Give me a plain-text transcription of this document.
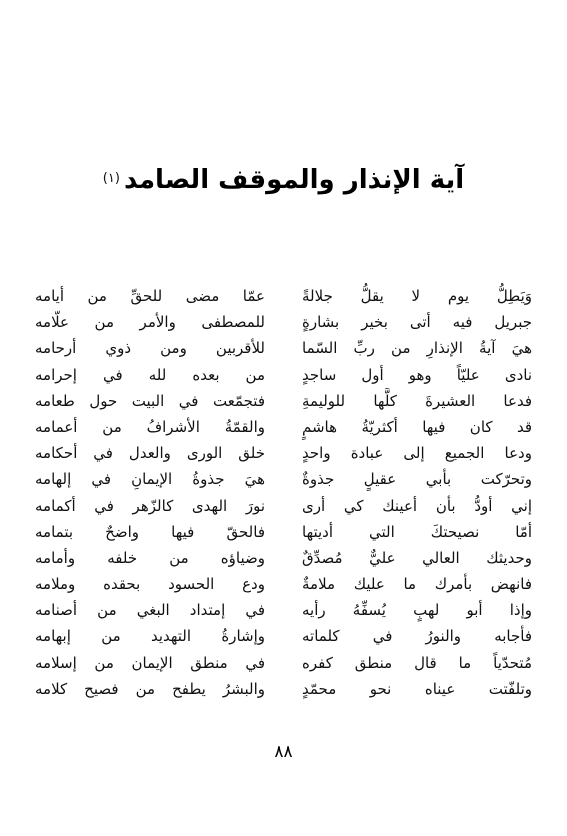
آية الإنذار والموقف الصامد$^{(١)}$
وَيَطِلُّ يوم لا يقلُّ جلالةً
عمّا مضى للحقِّ من أيامه
جبريل فيه أتى بخير بشارةٍ
للمصطفى والأمر من علّامه
هيَ آيةُ الإنذارِ من ربِّ السّما
للأقربين ومن ذوي أرحامه
نادى عليّاً وهو أول ساجدٍ
من بعده لله في إحرامه
فدعا العشيرةَ كلَّها للوليمةِ
فتجمّعت في البيت حول طعامه
قد كان فيها أكثريّةُ هاشمٍ
والقمّةُ الأشرافُ من أعمامه
ودعا الجميع إلى عبادة واحدٍ
خلق الورى والعدل في أحكامه
وتحرّكت بأبي عقيلٍ جذوةٌ
هيَ جذوةُ الإيمانِ في إلهامه
إني أودُّ بأن أعينك كي أرى
نورَ الهدى كالزّهر في أكمامه
أمّا نصيحتكَ التي أديتها
فالحقّ فيها واضحٌ بتمامه
وحديثك العالي عليٌّ مُصدِّقٌ
وضياؤه من خلفه وأمامه
فانهض بأمرك ما عليك ملامةٌ
ودع الحسود بحقده وملامه
وإذا أبو لهبٍ يُسفِّهُ رأيه
في إمتداد البغي من أصنامه
فأجابه والنورُ في كلماته
وإشارةُ التهديد من إبهامه
مُتحدّياً ما قال منطق كفره
في منطق الإيمان من إسلامه
وتلفّتت عيناه نحو محمّدٍ
والبشرُ يطفح من فصيح كلامه
٨٨
